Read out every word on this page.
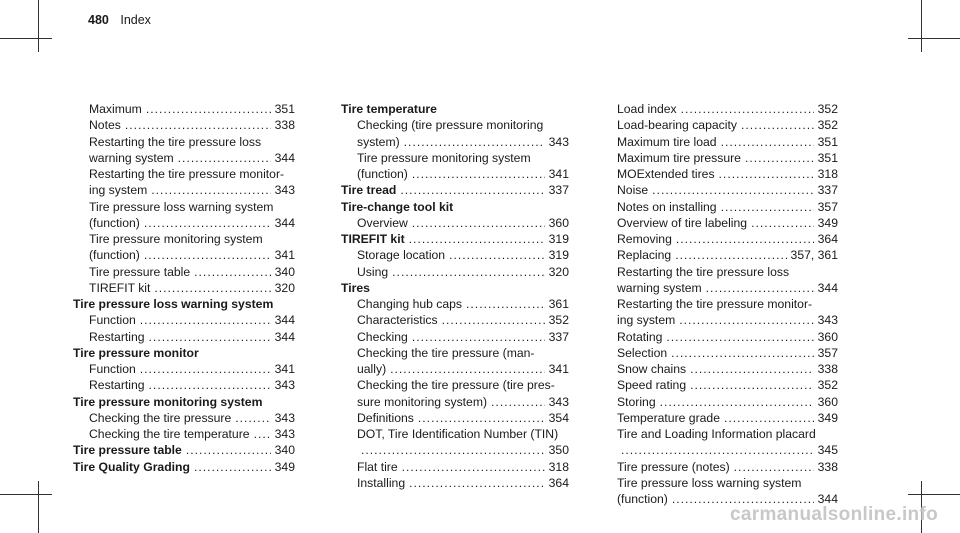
480 Index
Maximum .....	351
Notes .....	338
Restarting the tire pressure loss
warning system .....	344
Restarting the tire pressure monitor-
ing system .....	343
Tire pressure loss warning system
(function) .....	344
Tire pressure monitoring system
(function) .....	341
Tire pressure table .....	340
TIREFIT kit .....	320
Tire pressure loss warning system
Function .....	344
Restarting .....	344
Tire pressure monitor
Function .....	341
Restarting .....	343
Tire pressure monitoring system
Checking the tire pressure .....	343
Checking the tire temperature ..... 343
Tire pressure table .....	340
Tire Quality Grading .....	349
Tire temperature
Checking (tire pressure monitoring
system) .....	343
Tire pressure monitoring system
(function) .....	341
Tire tread .....	337
Tire-change tool kit
Overview .....	360
TIREFIT kit .....	319
Storage location .....	319
Using .....	320
Tires
Changing hub caps .....	361
Characteristics .....	352
Checking .....	337
Checking the tire pressure (man-
ually) .....	341
Checking the tire pressure (tire pres-
sure monitoring system) .....	343
Definitions .....	354
DOT, Tire Identification Number (TIN)
.....
350
Flat tire .....	318
Installing .....	364
Load index .....	352
Load-bearing capacity .....	352
Maximum tire load .....	351
Maximum tire pressure .....	351
MOExtended tires .....	318
Noise .....	337
Notes on installing .....	357
Overview of tire labeling .....	349
Removing .....	364
Replacing .....	357, 361
Restarting the tire pressure loss
warning system .....	344
Restarting the tire pressure monitor-
ing system .....	343
Rotating .....	360
Selection .....	357
Snow chains .....	338
Speed rating .....	352
Storing .....	360
Temperature grade .....	349
Tire and Loading Information placard
.....
345
Tire pressure (notes) .....	338
Tire pressure loss warning system
(function) .....	344
carmanualsonline.info
